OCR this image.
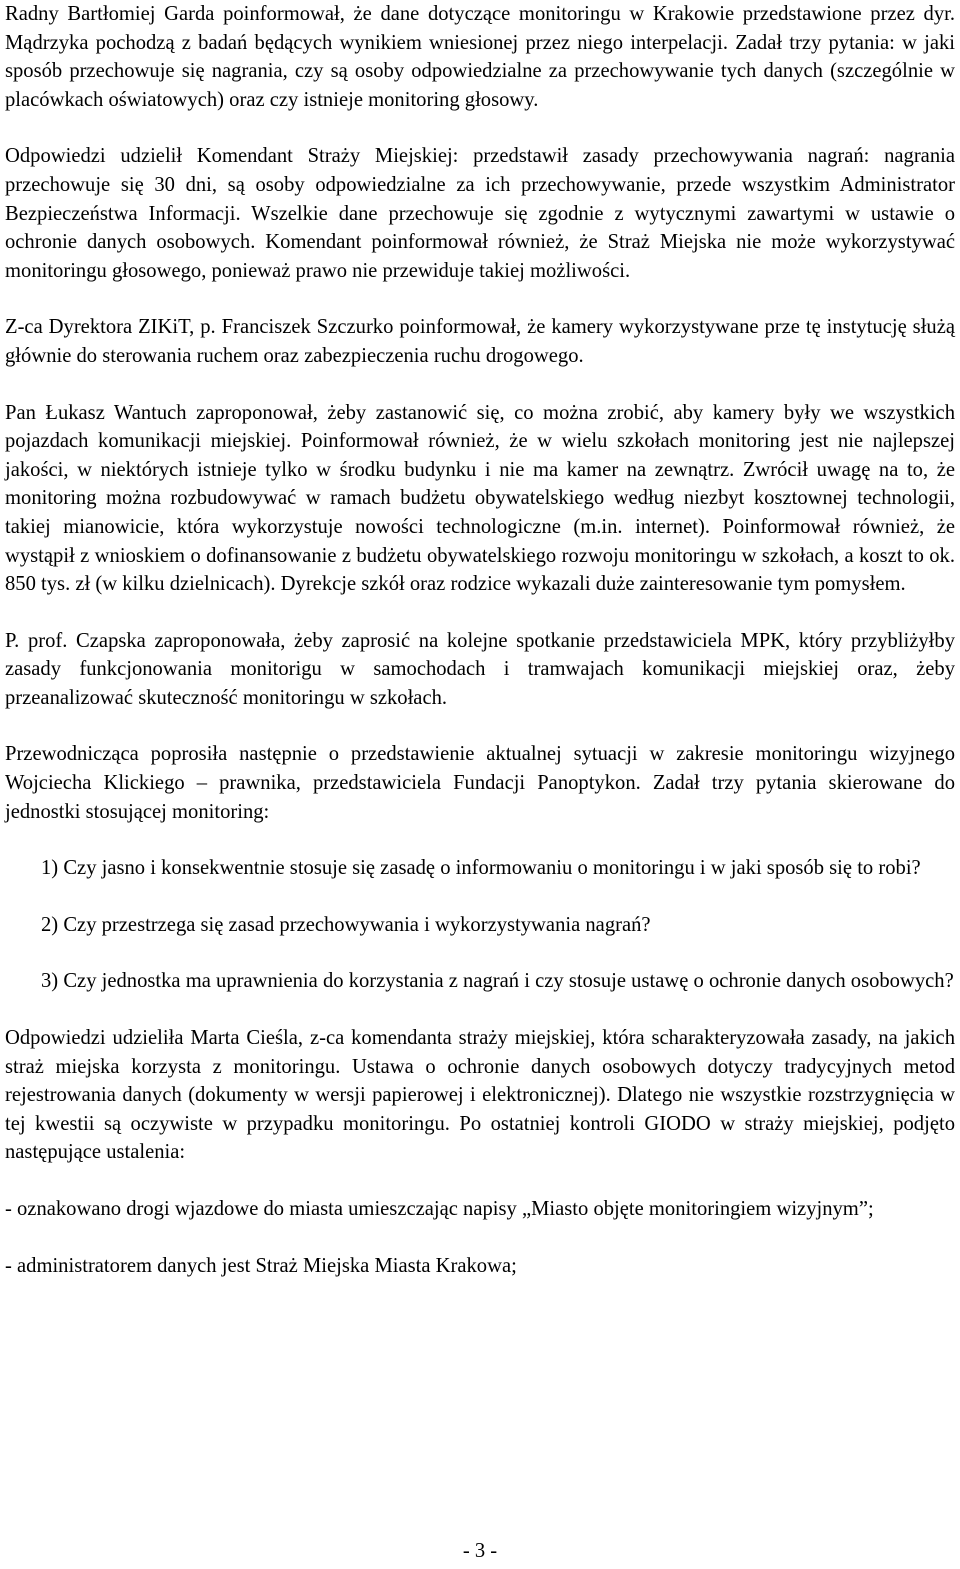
Radny Bartłomiej Garda poinformował, że dane dotyczące monitoringu w Krakowie przedstawione przez dyr. Mądrzyka pochodzą z badań będących wynikiem wniesionej przez niego interpelacji. Zadał trzy pytania: w jaki sposób przechowuje się nagrania, czy są osoby odpowiedzialne za przechowywanie tych danych (szczególnie w placówkach oświatowych) oraz czy istnieje monitoring głosowy.

Odpowiedzi udzielił Komendant Straży Miejskiej: przedstawił zasady przechowywania nagrań: nagrania przechowuje się 30 dni, są osoby odpowiedzialne za ich przechowywanie, przede wszystkim Administrator Bezpieczeństwa Informacji. Wszelkie dane przechowuje się zgodnie z wytycznymi zawartymi w ustawie o ochronie danych osobowych. Komendant poinformował również, że Straż Miejska nie może wykorzystywać monitoringu głosowego, ponieważ prawo nie przewiduje takiej możliwości.

Z-ca Dyrektora ZIKiT, p. Franciszek Szczurko poinformował, że kamery wykorzystywane prze tę instytucję służą głównie do sterowania ruchem oraz zabezpieczenia ruchu drogowego.

Pan Łukasz Wantuch zaproponował, żeby zastanowić się, co można zrobić, aby kamery były we wszystkich pojazdach komunikacji miejskiej. Poinformował również, że w wielu szkołach monitoring jest nie najlepszej jakości, w niektórych istnieje tylko w środku budynku i nie ma kamer na zewnątrz. Zwrócił uwagę na to, że monitoring można rozbudowywać w ramach budżetu obywatelskiego według niezbyt kosztownej technologii, takiej mianowicie, która wykorzystuje nowości technologiczne (m.in. internet). Poinformował również, że wystąpił z wnioskiem o dofinansowanie z budżetu obywatelskiego rozwoju monitoringu w szkołach, a koszt to ok. 850 tys. zł (w kilku dzielnicach). Dyrekcje szkół oraz rodzice wykazali duże zainteresowanie tym pomysłem.

P. prof. Czapska zaproponowała, żeby zaprosić na kolejne spotkanie przedstawiciela MPK, który przybliżyłby zasady funkcjonowania monitorigu w samochodach i tramwajach komunikacji miejskiej oraz, żeby przeanalizować skuteczność monitoringu w szkołach.

Przewodnicząca poprosiła następnie o przedstawienie aktualnej sytuacji w zakresie monitoringu wizyjnego Wojciecha Klickiego – prawnika, przedstawiciela Fundacji Panoptykon. Zadał trzy pytania skierowane do jednostki stosującej monitoring:

1) Czy jasno i konsekwentnie stosuje się zasadę o informowaniu o monitoringu i w jaki sposób się to robi?
2) Czy przestrzega się zasad przechowywania i wykorzystywania nagrań?
3) Czy jednostka ma uprawnienia do korzystania z nagrań i czy stosuje ustawę o ochronie danych osobowych?

Odpowiedzi udzieliła Marta Cieśla, z-ca komendanta straży miejskiej, która scharakteryzowała zasady, na jakich straż miejska korzysta z monitoringu. Ustawa o ochronie danych osobowych dotyczy tradycyjnych metod rejestrowania danych (dokumenty w wersji papierowej i elektronicznej). Dlatego nie wszystkie rozstrzygnięcia w tej kwestii są oczywiste w przypadku monitoringu. Po ostatniej kontroli GIODO w straży miejskiej, podjęto następujące ustalenia:

- oznakowano drogi wjazdowe do miasta umieszczając napisy „Miasto objęte monitoringiem wizyjnym”;

- administratorem danych jest Straż Miejska Miasta Krakowa;

- 3 -
